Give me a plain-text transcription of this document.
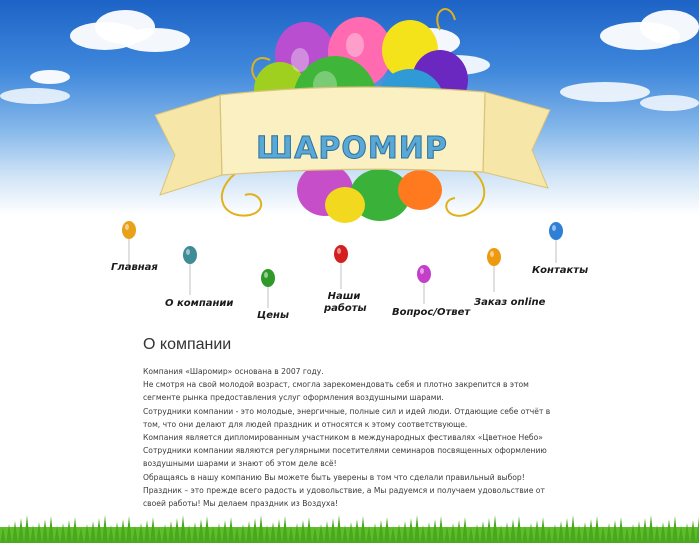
ШАРОМИР
Главная
О компании
Цены
Наши работы	Вопрос/Ответ
Заказ online
Контакты
О компании

Компания «Шаромир» основана в 2007 году.

Не смотря на свой молодой возраст, смогла зарекомендовать себя и плотно закрепится в этом сегменте рынка предоставления услуг оформления воздушными шарами.

Сотрудники компании - это молодые, энергичные, полные сил и идей люди. Отдающие себе отчёт в том, что они делают для людей праздник и относятся к этому соответствующе.

Компания является дипломированным участником в международных фестивалях «Цветное Небо»

Сотрудники компании являются регулярными посетителями семинаров посвященных оформлению воздушными шарами и знают об этом деле всё!

Обращаясь в нашу компанию Вы можете быть уверены в том что сделали правильный выбор!

Праздник – это прежде всего радость и удовольствие, а Мы радуемся и получаем удовольствие от своей работы! Мы делаем праздник из Воздуха!
